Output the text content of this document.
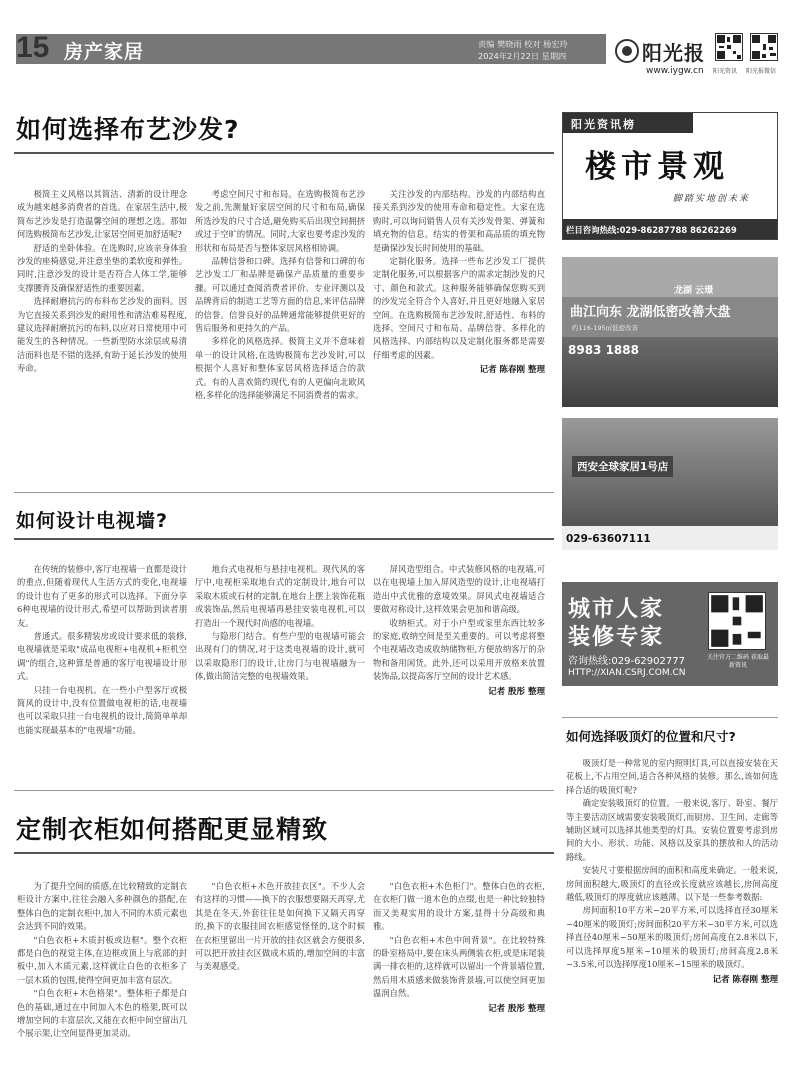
15 房产家居	责编 樊晓雨 校对 杨宏玲
2024年2月22日 星期四	阳光报
www.iygw.cn 阳光资讯 阳光报微信
如何选择布艺沙发?

极简主义风格以其简洁、清新的设计理念成为越来越多消费者的首选。在家居生活中,极简布艺沙发是打造温馨空间的理想之选。那如何选购极简布艺沙发,让家居空间更加舒适呢?

舒适的坐卧体验。在选购时,应该亲身体验沙发的座椅感觉,并注意坐垫的柔软度和弹性。同时,注意沙发的设计是否符合人体工学,能够支撑腰背及确保舒适性的重要因素。

选择耐磨抗污的布料布艺沙发的面料。因为它直接关系到沙发的耐用性和清洁难易程度,建议选择耐磨抗污的布料,以应对日常使用中可能发生的各种情况。一些新型防水涂层或易清洁面料也是不错的选择,有助于延长沙发的使用寿命。

考虑空间尺寸和布局。在选购极简布艺沙发之前,先测量好家居空间的尺寸和布局,确保所选沙发的尺寸合适,避免购买后出现空间拥挤或过于空旷的情况。同时,大家也要考虑沙发的形状和布局是否与整体家居风格相协调。

品牌信誉和口碑。选择有信誉和口碑的布艺沙发工厂和品牌是确保产品质量的重要步骤。可以通过查阅消费者评价、专业评测以及品牌背后的制造工艺等方面的信息,来评估品牌的信誉。信誉良好的品牌通常能够提供更好的售后服务和更持久的产品。

多样化的风格选择。极简主义并不意味着单一的设计风格,在选购极简布艺沙发时,可以根据个人喜好和整体家居风格选择适合的款式。有的人喜欢简约现代,有的人更偏向北欧风格,多样化的选择能够满足不同消费者的需求。

关注沙发的内部结构。沙发的内部结构直接关系到沙发的使用寿命和稳定性。大家在选购时,可以询问销售人员有关沙发骨架、弹簧和填充物的信息。结实的骨架和高品质的填充物是确保沙发长时间使用的基础。

定制化服务。选择一些布艺沙发工厂提供定制化服务,可以根据客户的需求定制沙发的尺寸、颜色和款式。这种服务能够确保您购买到的沙发完全符合个人喜好,并且更好地融入家居空间。在选购极简布艺沙发时,舒适性、布料的选择、空间尺寸和布局、品牌信誉、多样化的风格选择、内部结构以及定制化服务都是需要仔细考虑的因素。

记者 陈春刚 整理
如何设计电视墙?

在传统的装修中,客厅电视墙一直都是设计的重点,但随着现代人生活方式的变化,电视墙的设计也有了更多的形式可以选择。下面分享6种电视墙的设计形式,希望可以帮助到读者朋友。

普通式。很多精装房或设计要求低的装修,电视墙就是采取"成品电视柜+电视机+柜机空调"的组合,这种算是普通的客厅电视墙设计形式。

只挂一台电视机。在一些小户型客厅或极简风的设计中,没有位置做电视柜的话,电视墙也可以采取只挂一台电视机的设计,简简单单却也能实现最基本的"电视墙"功能。

地台式电视柜与悬挂电视机。现代风的客厅中,电视柜采取地台式的定制设计,地台可以采取木质或石材的定制,在地台上摆上装饰花瓶或装饰品,然后电视墙再悬挂安装电视机,可以打造出一个现代时尚感的电视墙。

与隐形门结合。有些户型的电视墙可能会出现有门的情况,对于这类电视墙的设计,就可以采取隐形门的设计,让房门与电视墙融为一体,做出简洁完整的电视墙效果。

屏风造型组合。中式装修风格的电视墙,可以在电视墙上加入屏风造型的设计,让电视墙打造出中式优雅的意境效果。屏风式电视墙适合要做对称设计,这样效果会更加和谐高级。

收纳柜式。对于小户型或家里东西比较多的家庭,收纳空间是至关重要的。可以考虑将整个电视墙改造成收纳储物柜,方便放纳客厅的杂物和备用闲货。此外,还可以采用开放格来放置装饰品,以提高客厅空间的设计艺术感。

记者 殷彤 整理
定制衣柜如何搭配更显精致

为了提升空间的质感,在比较精致的定制衣柜设计方案中,往往会融入多种颜色的搭配,在整体白色的定制衣柜中,加入不同的木质元素也会达到不同的效果。

"白色衣柜+木质封板或边框"。整个衣柜都是白色的视觉主体,在边框或顶上与底部的封板中,加入木质元素,这样就让白色的衣柜多了一层木质的包围,使得空间更加丰富有层次。

"白色衣柜+木色格架"。整体柜子都是白色的基础,通过在中间加入木色的格架,既可以增加空间的丰富层次,又能在衣柜中间空留出几个展示架,让空间显得更加灵动。

"白色衣柜+木色开放挂衣区"。不少人会有这样的习惯——换下的衣服想要隔天再穿,尤其是在冬天,外套往往是如何换下又隔天再穿的,换下的衣服挂回衣柜感觉怪怪的,这个时候在衣柜里留出一片开放的挂衣区就会方便很多,可以把开放挂衣区做成木质的,增加空间的丰富与美观感受。

"白色衣柜+木色柜门"。整体白色的衣柜,在衣柜门做一道木色的点缀,也是一种比较独特而又美观实用的设计方案,显得十分高级和典雅。

"白色衣柜+木色中间背景"。在比较特殊的卧室格局中,要在床头两侧装衣柜,或是床尾装满一排衣柜的,这样就可以留出一个背景墙位置,然后用木质感来做装饰背景墙,可以使空间更加温润自然。

记者 殷彤 整理
阳光资讯榜
楼市景观
脚踏实地创未来
栏目咨询热线:029-86287788 86262269
龙湖 云璟
曲江向东 龙湖低密改善大盘
约116-195㎡低密改善
8983 1888
西安全球家居1号店
029-63607111
城市人家
装修专家
咨询热线:029-62902777
HTTP://XIAN.CSRJ.COM.CN
关注官方二维码 获取最新资讯
如何选择吸顶灯的位置和尺寸?

吸顶灯是一种常见的室内照明灯具,可以直接安装在天花板上,不占用空间,适合各种风格的装修。那么,该如何选择合适的吸顶灯呢?

确定安装吸顶灯的位置。一般来说,客厅、卧室、餐厅等主要活动区域需要安装吸顶灯,而厨房、卫生间、走廊等辅助区域可以选择其他类型的灯具。安装位置要考虑到房间的大小、形状、功能、风格以及家具的摆放和人的活动路线。

安装尺寸要根据房间的面积和高度来确定。一般来说,房间面积越大,吸顶灯的直径或长度就应该越长,房间高度越低,吸顶灯的厚度就应该越薄。以下是一些参考数据:

房间面积10平方米~20平方米,可以选择直径30厘米~40厘米的吸顶灯;房间面积20平方米~30平方米,可以选择直径40厘米~50厘米的吸顶灯;房间高度在2.8米以下,可以选择厚度5厘米~10厘米的吸顶灯;房间高度2.8米~3.5米,可以选择厚度10厘米~15厘米的吸顶灯。

记者 陈春刚 整理
